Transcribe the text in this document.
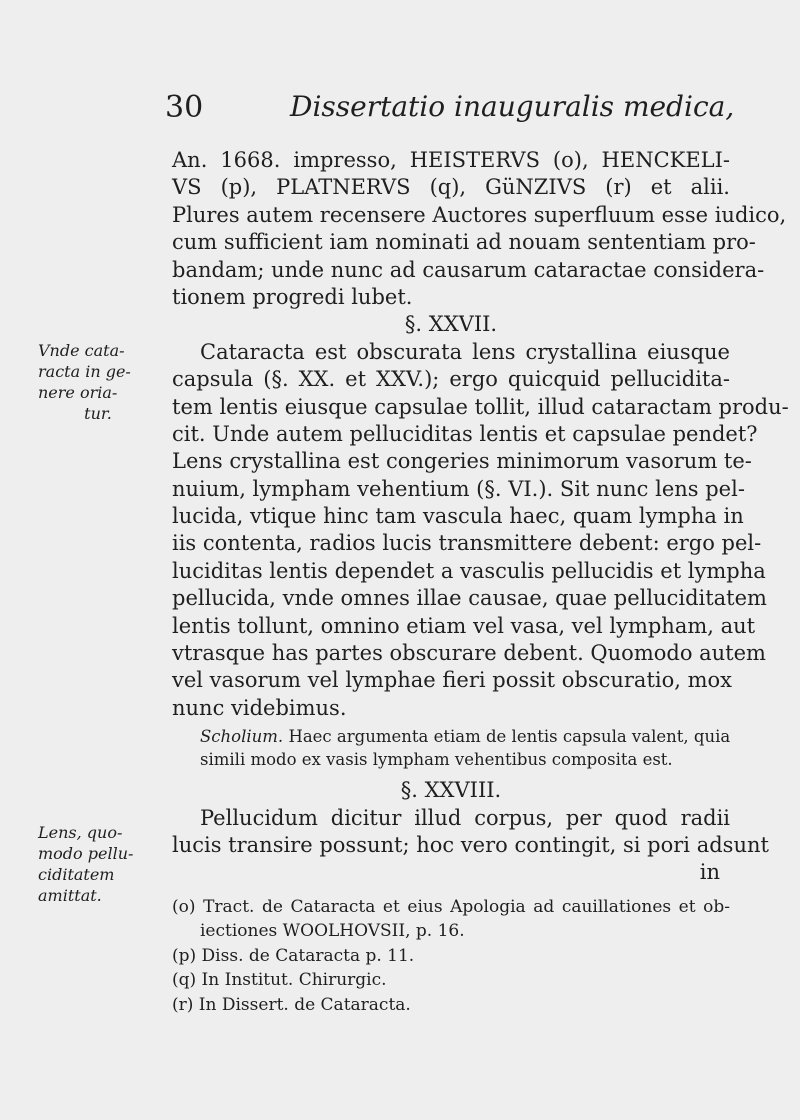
30	Dissertatio inauguralis medica,
Vnde cata-
racta in ge-
nere oria-
tur.
Lens, quo-
modo pellu-
ciditatem
amittat.
An. 1668. impresso, HEISTERVS (o), HENCKELI-
VS (p), PLATNERVS (q), GüNZIVS (r) et alii.
Plures autem recensere Auctores superfluum esse iudico,
cum sufficient iam nominati ad nouam sententiam pro-
bandam; unde nunc ad causarum cataractae considera-
tionem progredi lubet.
§. XXVII.
Cataracta est obscurata lens crystallina eiusque
capsula (§. XX. et XXV.); ergo quicquid pellucidita-
tem lentis eiusque capsulae tollit, illud cataractam produ-
cit. Unde autem pelluciditas lentis et capsulae pendet?
Lens crystallina est congeries minimorum vasorum te-
nuium, lympham vehentium (§. VI.). Sit nunc lens pel-
lucida, vtique hinc tam vascula haec, quam lympha in
iis contenta, radios lucis transmittere debent: ergo pel-
luciditas lentis dependet a vasculis pellucidis et lympha
pellucida, vnde omnes illae causae, quae pelluciditatem
lentis tollunt, omnino etiam vel vasa, vel lympham, aut
vtrasque has partes obscurare debent. Quomodo autem
vel vasorum vel lymphae fieri possit obscuratio, mox
nunc videbimus.
Scholium. Haec argumenta etiam de lentis capsula valent, quia
simili modo ex vasis lympham vehentibus composita est.
§. XXVIII.
Pellucidum dicitur illud corpus, per quod radii
lucis transire possunt; hoc vero contingit, si pori adsunt
in
(o) Tract. de Cataracta et eius Apologia ad cauillationes et ob-
iectiones WOOLHOVSII, p. 16.
(p) Diss. de Cataracta p. 11.
(q) In Institut. Chirurgic.
(r) In Dissert. de Cataracta.
